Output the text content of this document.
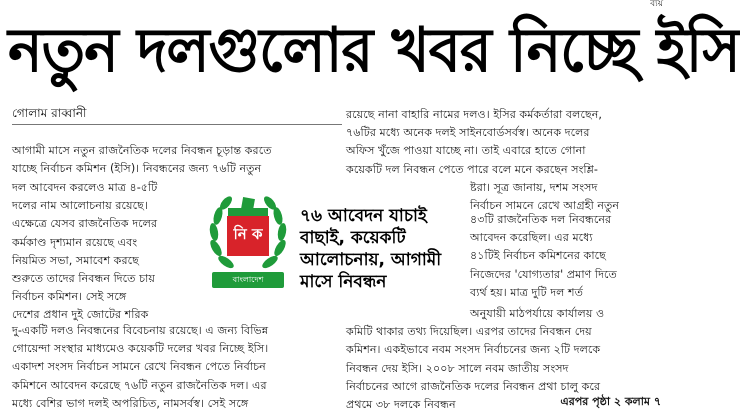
ব্যয়
নতুন দলগুলোর খবর নিচ্ছে ইসি
গোলাম রাব্বানী
আগামী মাসে নতুন রাজনৈতিক দলের নিবন্ধন চূড়ান্ত করতে
যাচ্ছে নির্বাচন কমিশন (ইসি)। নিবন্ধনের জন্য ৭৬টি নতুন
দল আবেদন করলেও মাত্র ৪-৫টি
দলের নাম আলোচনায় রয়েছে।
এক্ষেত্রে যেসব রাজনৈতিক দলের
কর্মকাণ্ড দৃশ্যমান রয়েছে এবং
নিয়মিত সভা, সমাবেশ করছে
শুরুতে তাদের নিবন্ধন দিতে চায়
নির্বাচন কমিশন। সেই সঙ্গে
দেশের প্রধান দুই জোটের শরিক
নি ক
বাংলাদেশ
৭৬ আবেদন যাচাই
বাছাই, কয়েকটি
আলোচনায়, আগামী
মাসে নিবন্ধন
দু-একটি দলও নিবন্ধনের বিবেচনায় রয়েছে। এ জন্য বিভিন্ন
গোয়েন্দা সংস্থার মাধ্যমেও কয়েকটি দলের খবর নিচ্ছে ইসি।
একাদশ সংসদ নির্বাচন সামনে রেখে নিবন্ধন পেতে নির্বাচন
কমিশনে আবেদন করেছে ৭৬টি নতুন রাজনৈতিক দল। এর
মধ্যে বেশির ভাগ দলই অপরিচিত, নামসর্বস্ব। সেই সঙ্গে
রয়েছে নানা বাহারি নামের দলও। ইসির কর্মকর্তারা বলছেন,
৭৬টির মধ্যে অনেক দলই সাইনবোর্ডসর্বস্ব। অনেক দলের
অফিস খুঁজে পাওয়া যাচ্ছে না। তাই এবারে হাতে গোনা
কয়েকটি দল নিবন্ধন পেতে পারে বলে মনে করছেন সংশ্লি-
ষ্টরা। সূত্র জানায়, দশম সংসদ
নির্বাচন সামনে রেখে আগ্রহী নতুন
৪৩টি রাজনৈতিক দল নিবন্ধনের
আবেদন করেছিল। এর মধ্যে
৪১টিই নির্বাচন কমিশনের কাছে
নিজেদের 'যোগ্যতার' প্রমাণ দিতে
ব্যর্থ হয়। মাত্র দুটি দল শর্ত
অনুযায়ী মাঠপর্যায়ে কার্যালয় ও
কমিটি থাকার তথ্য দিয়েছিল। এরপর তাদের নিবন্ধন দেয়
কমিশন। একইভাবে নবম সংসদ নির্বাচনের জন্য ২টি দলকে
নিবন্ধন দেয় ইসি। ২০০৮ সালে নবম জাতীয় সংসদ
নির্বাচনের আগে রাজনৈতিক দলের নিবন্ধন প্রথা চালু করে
প্রথমে ৩৮ দলকে নিবন্ধন	এরপর পৃষ্ঠা ২ কলাম ৭
